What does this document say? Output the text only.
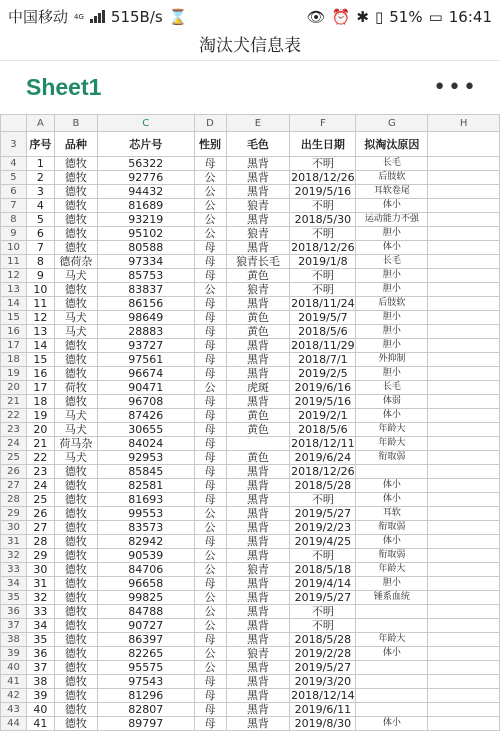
中国移动 4G 515B/s ⌛	👁 ⏰ ✱ ▯ 51% ▭ 16:41
淘汰犬信息表
Sheet1	•••
	A	B	C	D	E	F	G	H
3	序号	品种	芯片号	性别	毛色	出生日期	拟淘汰原因	
4	1	德牧	56322	母	黑背	不明	长毛	
5	2	德牧	92776	公	黑背	2018/12/26	后肢软	
6	3	德牧	94432	公	黑背	2019/5/16	耳软卷尾	
7	4	德牧	81689	公	狼青	不明	体小	
8	5	德牧	93219	公	黑背	2018/5/30	运动能力不强	
9	6	德牧	95102	公	狼青	不明	胆小	
10	7	德牧	80588	母	黑背	2018/12/26	体小	
11	8	德荷杂	97334	母	狼青长毛	2019/1/8	长毛	
12	9	马犬	85753	母	黄色	不明	胆小	
13	10	德牧	83837	公	狼青	不明	胆小	
14	11	德牧	86156	母	黑背	2018/11/24	后肢软	
15	12	马犬	98649	母	黄色	2019/5/7	胆小	
16	13	马犬	28883	母	黄色	2018/5/6	胆小	
17	14	德牧	93727	母	黑背	2018/11/29	胆小	
18	15	德牧	97561	母	黑背	2018/7/1	外抑制	
19	16	德牧	96674	母	黑背	2019/2/5	胆小	
20	17	荷牧	90471	公	虎斑	2019/6/16	长毛	
21	18	德牧	96708	母	黑背	2019/5/16	体弱	
22	19	马犬	87426	母	黄色	2019/2/1	体小	
23	20	马犬	30655	母	黄色	2018/5/6	年龄大	
24	21	荷马杂	84024	母		2018/12/11	年龄大	
25	22	马犬	92953	母	黄色	2019/6/24	衔取弱	
26	23	德牧	85845	母	黑背	2018/12/26		
27	24	德牧	82581	母	黑背	2018/5/28	体小	
28	25	德牧	81693	母	黑背	不明	体小	
29	26	德牧	99553	公	黑背	2019/5/27	耳软	
30	27	德牧	83573	公	黑背	2019/2/23	衔取弱	
31	28	德牧	82942	母	黑背	2019/4/25	体小	
32	29	德牧	90539	公	黑背	不明	衔取弱	
33	30	德牧	84706	公	狼青	2018/5/18	年龄大	
34	31	德牧	96658	母	黑背	2019/4/14	胆小	
35	32	德牧	99825	公	黑背	2019/5/27	锤系血统	
36	33	德牧	84788	公	黑背	不明		
37	34	德牧	90727	公	黑背	不明		
38	35	德牧	86397	母	黑背	2018/5/28	年龄大	
39	36	德牧	82265	公	狼青	2019/2/28	体小	
40	37	德牧	95575	公	黑背	2019/5/27		
41	38	德牧	97543	母	黑背	2019/3/20		
42	39	德牧	81296	母	黑背	2018/12/14		
43	40	德牧	82807	母	黑背	2019/6/11		
44	41	德牧	89797	母	黑背	2019/8/30	体小	
